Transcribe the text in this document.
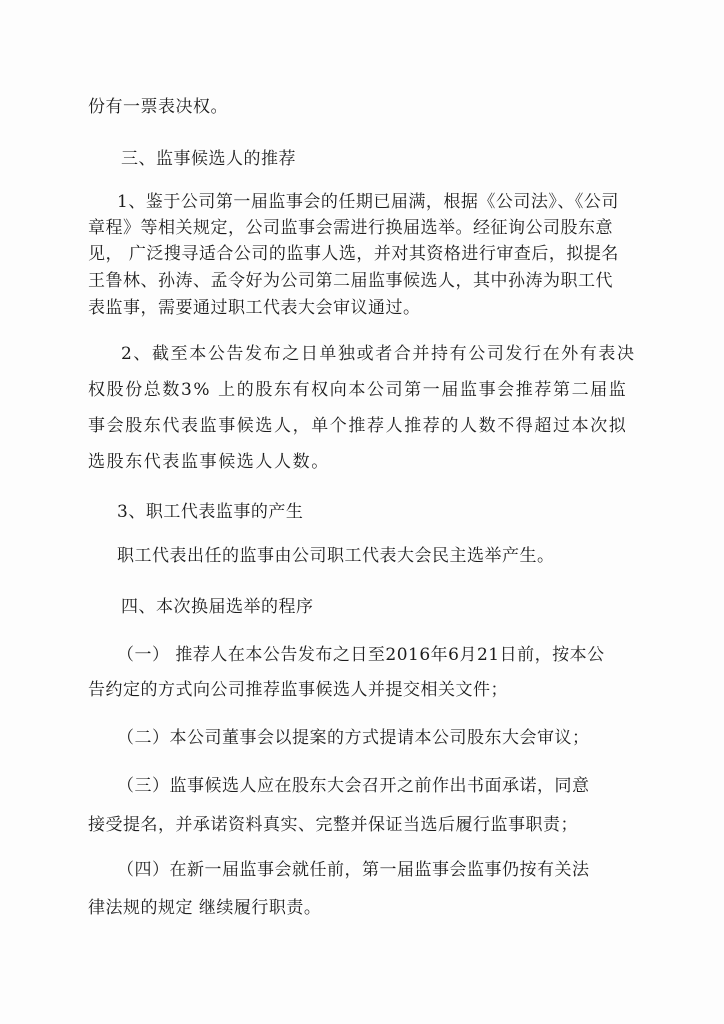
份有一票表决权。
三、监事候选人的推荐
1、鉴于公司第一届监事会的任期已届满，根据《公司法》、《公司
章程》等相关规定，公司监事会需进行换届选举。经征询公司股东意
见， 广泛搜寻适合公司的监事人选，并对其资格进行审查后，拟提名
王鲁林、孙涛、孟令好为公司第二届监事候选人，其中孙涛为职工代
表监事，需要通过职工代表大会审议通过。
2、截至本公告发布之日单独或者合并持有公司发行在外有表决
权股份总数3% 上的股东有权向本公司第一届监事会推荐第二届监
事会股东代表监事候选人，单个推荐人推荐的人数不得超过本次拟
选股东代表监事候选人人数。
3、职工代表监事的产生
职工代表出任的监事由公司职工代表大会民主选举产生。
四、本次换届选举的程序
（一） 推荐人在本公告发布之日至2016年6月21日前，按本公
告约定的方式向公司推荐监事候选人并提交相关文件；
（二）本公司董事会以提案的方式提请本公司股东大会审议；
（三）监事候选人应在股东大会召开之前作出书面承诺，同意
接受提名，并承诺资料真实、完整并保证当选后履行监事职责；
（四）在新一届监事会就任前，第一届监事会监事仍按有关法
律法规的规定 继续履行职责。
